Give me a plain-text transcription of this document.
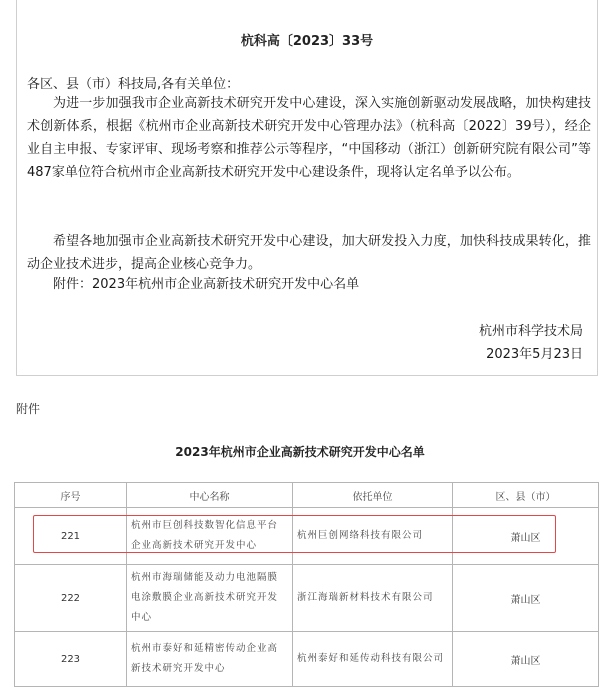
杭科高〔2023〕33号
各区、县（市）科技局,各有关单位：
为进一步加强我市企业高新技术研究开发中心建设，深入实施创新驱动发展战略，加快构建技术创新体系，根据《杭州市企业高新技术研究开发中心管理办法》（杭科高〔2022〕39号），经企业自主申报、专家评审、现场考察和推荐公示等程序，“中国移动（浙江）创新研究院有限公司”等487家单位符合杭州市企业高新技术研究开发中心建设条件，现将认定名单予以公布。
希望各地加强市企业高新技术研究开发中心建设，加大研发投入力度，加快科技成果转化，推动企业技术进步，提高企业核心竞争力。
附件：2023年杭州市企业高新技术研究开发中心名单
杭州市科学技术局
2023年5月23日
附件
2023年杭州市企业高新技术研究开发中心名单
序号	中心名称	依托单位	区、县（市）
221	杭州市巨创科技数智化信息平台企业高新技术研究开发中心	杭州巨创网络科技有限公司	萧山区
222	杭州市海瑞储能及动力电池隔膜电涂敷膜企业高新技术研究开发中心	浙江海瑞新材料技术有限公司	萧山区
223	杭州市泰好和延精密传动企业高新技术研究开发中心	杭州泰好和延传动科技有限公司	萧山区
